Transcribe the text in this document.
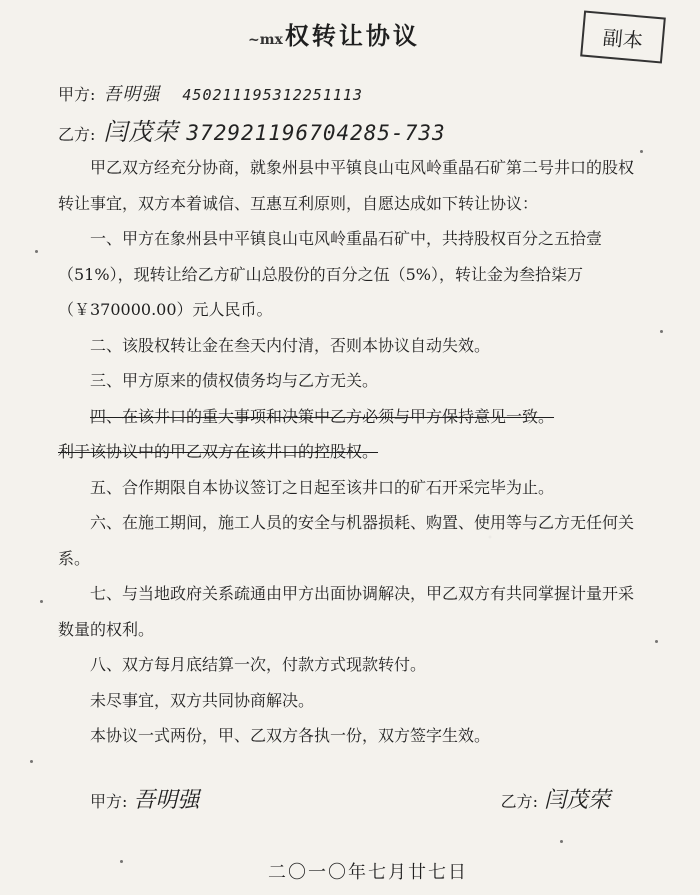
~mx权转让协议	副本
甲方: 吾明强 450211195312251113
乙方: 闫茂荣 372921196704285-733

甲乙双方经充分协商，就象州县中平镇良山屯风岭重晶石矿第二号井口的股权转让事宜，双方本着诚信、互惠互利原则，自愿达成如下转让协议：

一、甲方在象州县中平镇良山屯风岭重晶石矿中，共持股权百分之五拾壹（51%），现转让给乙方矿山总股份的百分之伍（5%），转让金为叁拾柒万（￥370000.00）元人民币。

二、该股权转让金在叁天内付清，否则本协议自动失效。

三、甲方原来的债权债务均与乙方无关。

四、在该井口的重大事项和决策中乙方必须与甲方保持意见一致。

利于该协议中的甲乙双方在该井口的控股权。

五、合作期限自本协议签订之日起至该井口的矿石开采完毕为止。

六、在施工期间，施工人员的安全与机器损耗、购置、使用等与乙方无任何关系。

七、与当地政府关系疏通由甲方出面协调解决，甲乙双方有共同掌握计量开采数量的权利。

八、双方每月底结算一次，付款方式现款转付。

未尽事宜，双方共同协商解决。

本协议一式两份，甲、乙双方各执一份，双方签字生效。

甲方: 吾明强	乙方: 闫茂荣
二〇一〇年七月廿七日
